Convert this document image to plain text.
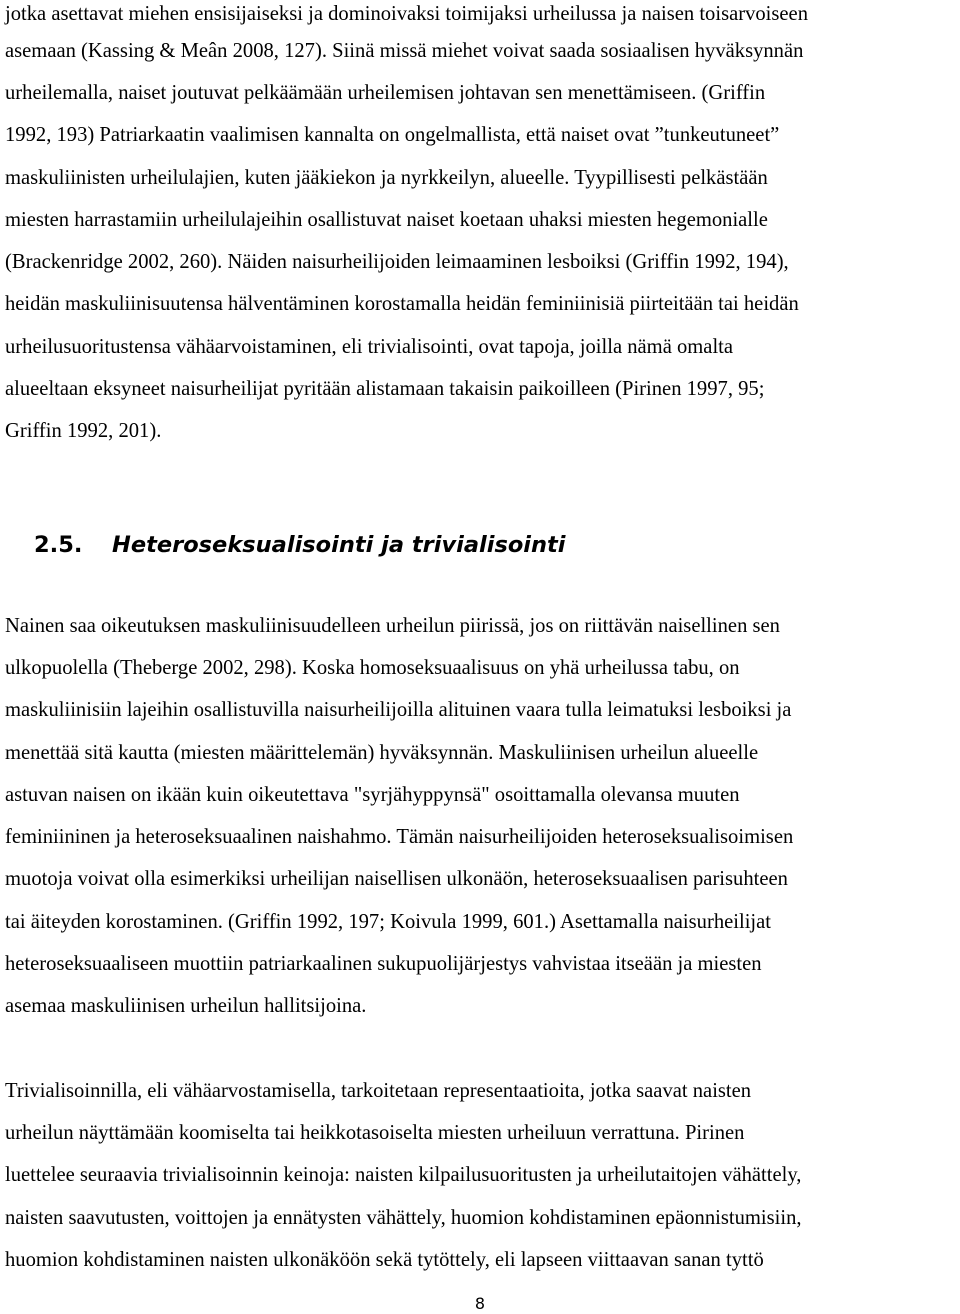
jotka asettavat miehen ensisijaiseksi ja dominoivaksi toimijaksi urheilussa ja naisen toisarvoiseen

asemaan (Kassing & Meân 2008, 127). Siinä missä miehet voivat saada sosiaalisen hyväksynnän

urheilemalla, naiset joutuvat pelkäämään urheilemisen johtavan sen menettämiseen. (Griffin

1992, 193) Patriarkaatin vaalimisen kannalta on ongelmallista, että naiset ovat ”tunkeutuneet”

maskuliinisten urheilulajien, kuten jääkiekon ja nyrkkeilyn, alueelle. Tyypillisesti pelkästään

miesten harrastamiin urheilulajeihin osallistuvat naiset koetaan uhaksi miesten hegemonialle

(Brackenridge 2002, 260). Näiden naisurheilijoiden leimaaminen lesboiksi (Griffin 1992, 194),

heidän maskuliinisuutensa hälventäminen korostamalla heidän feminiinisiä piirteitään tai heidän

urheilusuoritustensa vähäarvoistaminen, eli trivialisointi, ovat tapoja, joilla nämä omalta

alueeltaan eksyneet naisurheilijat pyritään alistamaan takaisin paikoilleen (Pirinen 1997, 95;

Griffin 1992, 201).

2.5. Heteroseksualisointi ja trivialisointi

Nainen saa oikeutuksen maskuliinisuudelleen urheilun piirissä, jos on riittävän naisellinen sen

ulkopuolella (Theberge 2002, 298). Koska homoseksuaalisuus on yhä urheilussa tabu, on

maskuliinisiin lajeihin osallistuvilla naisurheilijoilla alituinen vaara tulla leimatuksi lesboiksi ja

menettää sitä kautta (miesten määrittelemän) hyväksynnän. Maskuliinisen urheilun alueelle

astuvan naisen on ikään kuin oikeutettava "syrjähyppynsä" osoittamalla olevansa muuten

feminiininen ja heteroseksuaalinen naishahmo. Tämän naisurheilijoiden heteroseksualisoimisen

muotoja voivat olla esimerkiksi urheilijan naisellisen ulkonäön, heteroseksuaalisen parisuhteen

tai äiteyden korostaminen. (Griffin 1992, 197; Koivula 1999, 601.) Asettamalla naisurheilijat

heteroseksuaaliseen muottiin patriarkaalinen sukupuolijärjestys vahvistaa itseään ja miesten

asemaa maskuliinisen urheilun hallitsijoina.

Trivialisoinnilla, eli vähäarvostamisella, tarkoitetaan representaatioita, jotka saavat naisten

urheilun näyttämään koomiselta tai heikkotasoiselta miesten urheiluun verrattuna. Pirinen

luettelee seuraavia trivialisoinnin keinoja: naisten kilpailusuoritusten ja urheilutaitojen vähättely,

naisten saavutusten, voittojen ja ennätysten vähättely, huomion kohdistaminen epäonnistumisiin,

huomion kohdistaminen naisten ulkonäköön sekä tytöttely, eli lapseen viittaavan sanan tyttö

8
